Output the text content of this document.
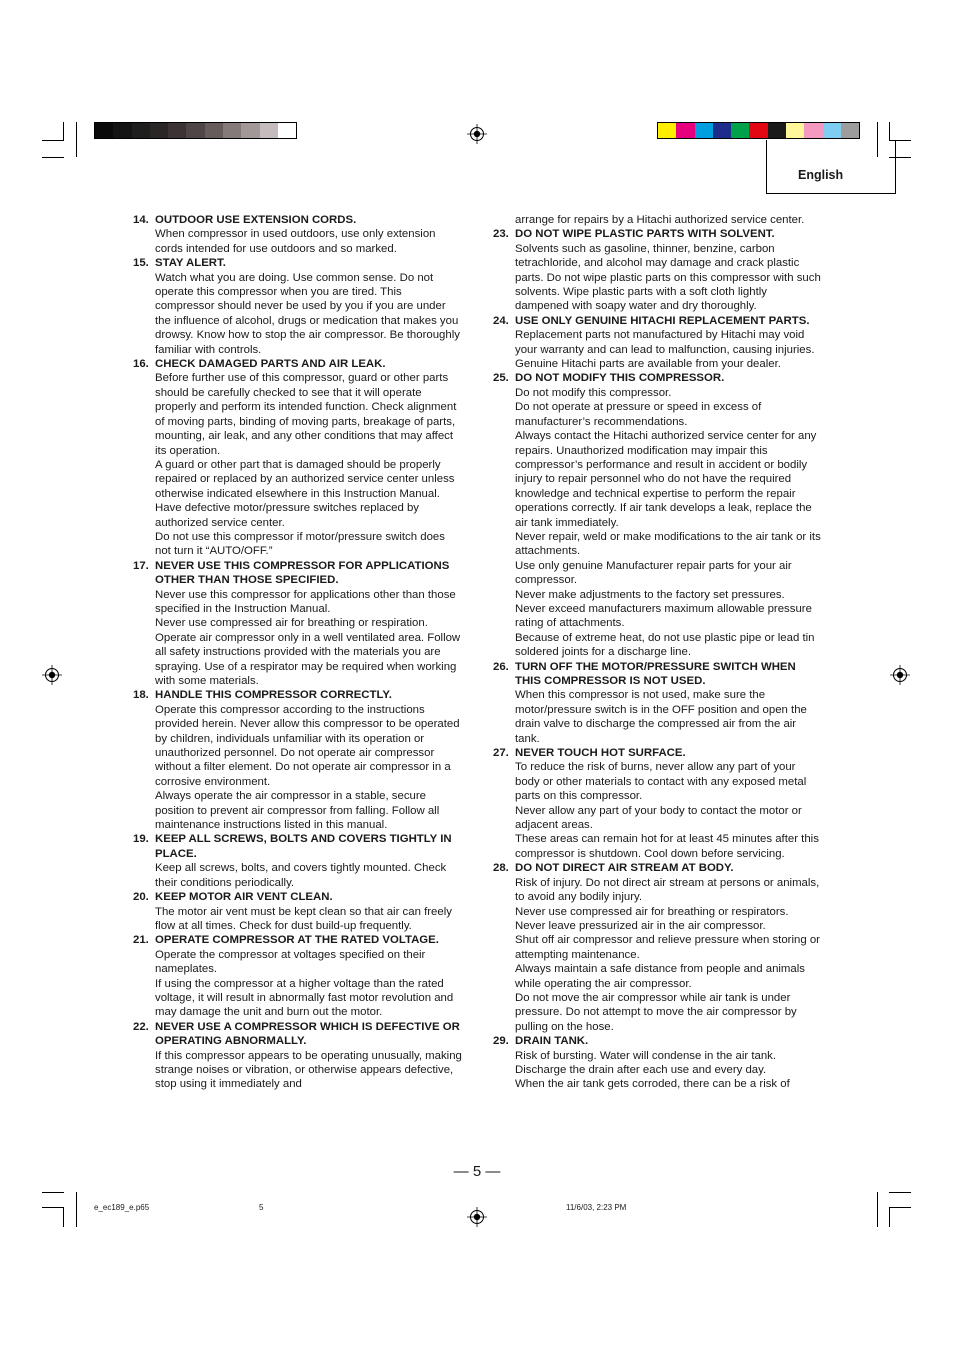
English
14. OUTDOOR USE EXTENSION CORDS.
When compressor in used outdoors, use only extension cords intended for use outdoors and so marked.
15. STAY ALERT.
Watch what you are doing. Use common sense. Do not operate this compressor when you are tired. This compressor should never be used by you if you are under the influence of alcohol, drugs or medication that makes you drowsy. Know how to stop the air compressor. Be thoroughly familiar with controls.
16. CHECK DAMAGED PARTS AND AIR LEAK.
Before further use of this compressor, guard or other parts should be carefully checked to see that it will operate properly and perform its intended function. Check alignment of moving parts, binding of moving parts, breakage of parts, mounting, air leak, and any other conditions that may affect its operation.
A guard or other part that is damaged should be properly repaired or replaced by an authorized service center unless otherwise indicated elsewhere in this Instruction Manual.
Have defective motor/pressure switches replaced by authorized service center.
Do not use this compressor if motor/pressure switch does not turn it “AUTO/OFF.”
17. NEVER USE THIS COMPRESSOR FOR APPLICATIONS OTHER THAN THOSE SPECIFIED.
Never use this compressor for applications other than those specified in the Instruction Manual.
Never use compressed air for breathing or respiration.
Operate air compressor only in a well ventilated area. Follow all safety instructions provided with the materials you are spraying. Use of a respirator may be required when working with some materials.
18. HANDLE THIS COMPRESSOR CORRECTLY.
Operate this compressor according to the instructions provided herein. Never allow this compressor to be operated by children, individuals unfamiliar with its operation or unauthorized personnel. Do not operate air compressor without a filter element. Do not operate air compressor in a corrosive environment.
Always operate the air compressor in a stable, secure position to prevent air compressor from falling. Follow all maintenance instructions listed in this manual.
19. KEEP ALL SCREWS, BOLTS AND COVERS TIGHTLY IN PLACE.
Keep all screws, bolts, and covers tightly mounted. Check their conditions periodically.
20. KEEP MOTOR AIR VENT CLEAN.
The motor air vent must be kept clean so that air can freely flow at all times. Check for dust build-up frequently.
21. OPERATE COMPRESSOR AT THE RATED VOLTAGE.
Operate the compressor at voltages specified on their nameplates.
If using the compressor at a higher voltage than the rated voltage, it will result in abnormally fast motor revolution and may damage the unit and burn out the motor.
22. NEVER USE A COMPRESSOR WHICH IS DEFECTIVE OR OPERATING ABNORMALLY.
If this compressor appears to be operating unusually, making strange noises or vibration, or otherwise appears defective, stop using it immediately and
arrange for repairs by a Hitachi authorized service center.
23. DO NOT WIPE PLASTIC PARTS WITH SOLVENT.
Solvents such as gasoline, thinner, benzine, carbon tetrachloride, and alcohol may damage and crack plastic parts. Do not wipe plastic parts on this compressor with such solvents. Wipe plastic parts with a soft cloth lightly dampened with soapy water and dry thoroughly.
24. USE ONLY GENUINE HITACHI REPLACEMENT PARTS.
Replacement parts not manufactured by Hitachi may void your warranty and can lead to malfunction, causing injuries. Genuine Hitachi parts are available from your dealer.
25. DO NOT MODIFY THIS COMPRESSOR.
Do not modify this compressor.
Do not operate at pressure or speed in excess of manufacturer’s recommendations.
Always contact the Hitachi authorized service center for any repairs. Unauthorized modification may impair this compressor’s performance and result in accident or bodily injury to repair personnel who do not have the required knowledge and technical expertise to perform the repair operations correctly. If air tank develops a leak, replace the air tank immediately.
Never repair, weld or make modifications to the air tank or its attachments.
Use only genuine Manufacturer repair parts for your air compressor.
Never make adjustments to the factory set pressures.
Never exceed manufacturers maximum allowable pressure rating of attachments.
Because of extreme heat, do not use plastic pipe or lead tin soldered joints for a discharge line.
26. TURN OFF THE MOTOR/PRESSURE SWITCH WHEN THIS COMPRESSOR IS NOT USED.
When this compressor is not used, make sure the motor/pressure switch is in the OFF position and open the drain valve to discharge the compressed air from the air tank.
27. NEVER TOUCH HOT SURFACE.
To reduce the risk of burns, never allow any part of your body or other materials to contact with any exposed metal parts on this compressor.
Never allow any part of your body to contact the motor or adjacent areas.
These areas can remain hot for at least 45 minutes after this compressor is shutdown. Cool down before servicing.
28. DO NOT DIRECT AIR STREAM AT BODY.
Risk of injury. Do not direct air stream at persons or animals, to avoid any bodily injury.
Never use compressed air for breathing or respirators.
Never leave pressurized air in the air compressor.
Shut off air compressor and relieve pressure when storing or attempting maintenance.
Always maintain a safe distance from people and animals while operating the air compressor.
Do not move the air compressor while air tank is under pressure. Do not attempt to move the air compressor by pulling on the hose.
29. DRAIN TANK.
Risk of bursting. Water will condense in the air tank. Discharge the drain after each use and every day.
When the air tank gets corroded, there can be a risk of
— 5 —
e_ec189_e.p65	5	11/6/03, 2:23 PM
